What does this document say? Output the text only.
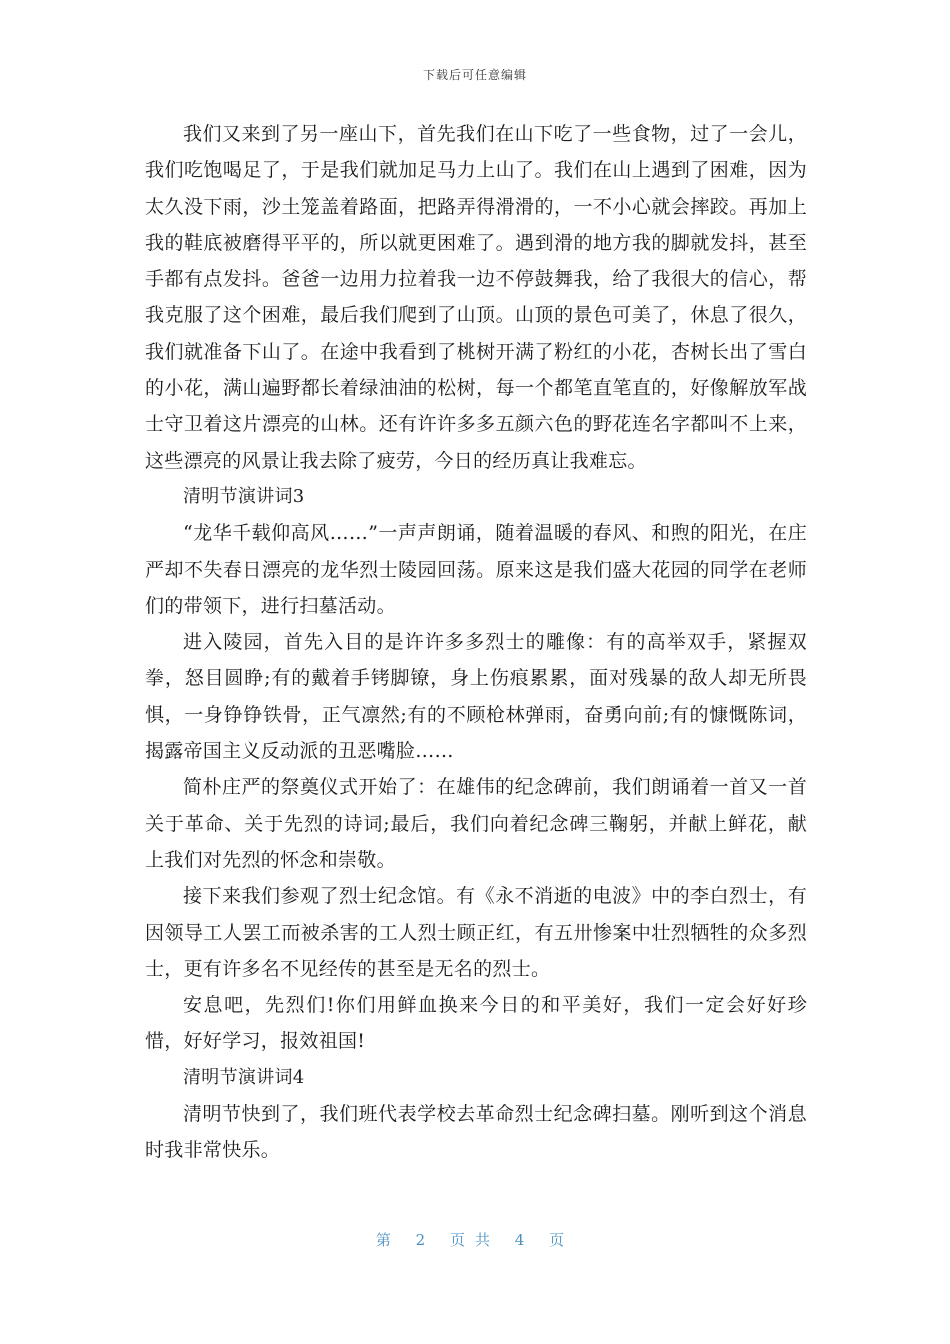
下载后可任意编辑

我们又来到了另一座山下，首先我们在山下吃了一些食物，过了一会儿，我们吃饱喝足了，于是我们就加足马力上山了。我们在山上遇到了困难，因为太久没下雨，沙土笼盖着路面，把路弄得滑滑的，一不小心就会摔跤。再加上我的鞋底被磨得平平的，所以就更困难了。遇到滑的地方我的脚就发抖，甚至手都有点发抖。爸爸一边用力拉着我一边不停鼓舞我，给了我很大的信心，帮我克服了这个困难，最后我们爬到了山顶。山顶的景色可美了，休息了很久，我们就准备下山了。在途中我看到了桃树开满了粉红的小花，杏树长出了雪白的小花，满山遍野都长着绿油油的松树，每一个都笔直笔直的，好像解放军战士守卫着这片漂亮的山林。还有许许多多五颜六色的野花连名字都叫不上来，这些漂亮的风景让我去除了疲劳，今日的经历真让我难忘。

清明节演讲词3

“龙华千载仰高风……”一声声朗诵，随着温暖的春风、和煦的阳光，在庄严却不失春日漂亮的龙华烈士陵园回荡。原来这是我们盛大花园的同学在老师们的带领下，进行扫墓活动。

进入陵园，首先入目的是许许多多烈士的雕像：有的高举双手，紧握双拳，怒目圆睁;有的戴着手铐脚镣，身上伤痕累累，面对残暴的敌人却无所畏惧，一身铮铮铁骨，正气凛然;有的不顾枪林弹雨，奋勇向前;有的慷慨陈词，揭露帝国主义反动派的丑恶嘴脸……

简朴庄严的祭奠仪式开始了：在雄伟的纪念碑前，我们朗诵着一首又一首关于革命、关于先烈的诗词;最后，我们向着纪念碑三鞠躬，并献上鲜花，献上我们对先烈的怀念和崇敬。

接下来我们参观了烈士纪念馆。有《永不消逝的电波》中的李白烈士，有因领导工人罢工而被杀害的工人烈士顾正红，有五卅惨案中壮烈牺牲的众多烈士，更有许多名不见经传的甚至是无名的烈士。

安息吧，先烈们!你们用鲜血换来今日的和平美好，我们一定会好好珍惜，好好学习，报效祖国!

清明节演讲词4

清明节快到了，我们班代表学校去革命烈士纪念碑扫墓。刚听到这个消息时我非常快乐。

第 2 页共 4 页
